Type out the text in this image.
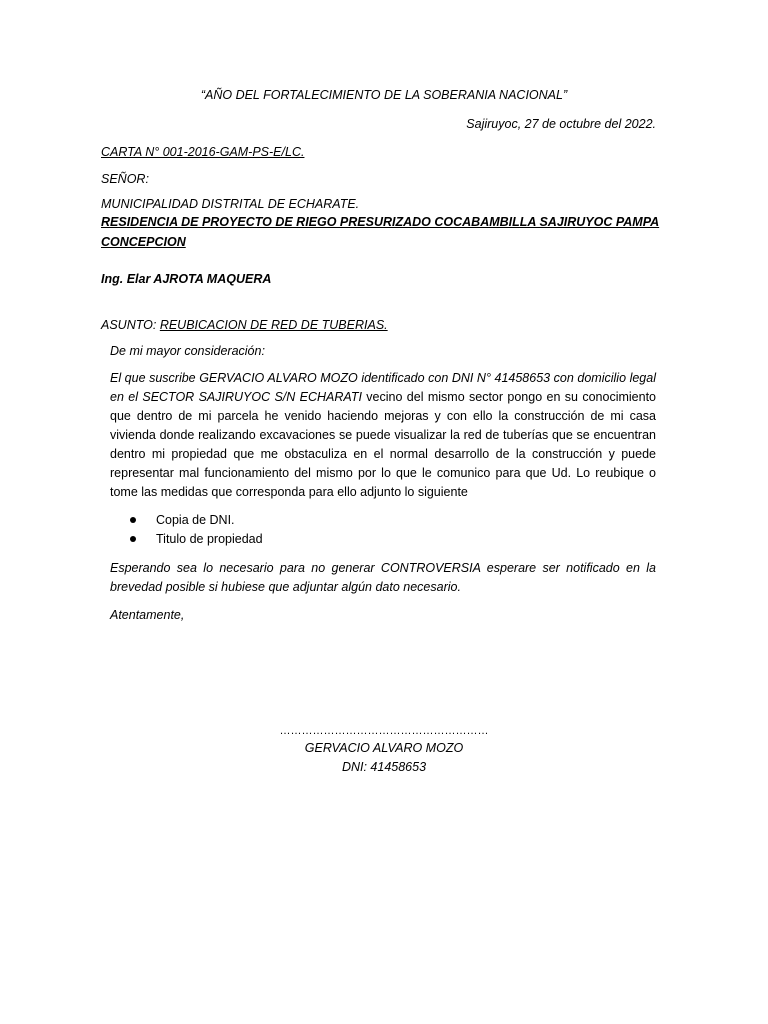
“AÑO DEL FORTALECIMIENTO DE LA SOBERANIA NACIONAL”
Sajiruyoc, 27 de octubre del 2022.
CARTA N° 001-2016-GAM-PS-E/LC.
SEÑOR:
MUNICIPALIDAD DISTRITAL DE ECHARATE.
RESIDENCIA DE PROYECTO DE RIEGO PRESURIZADO COCABAMBILLA SAJIRUYOC PAMPA
CONCEPCION
Ing. Elar AJROTA MAQUERA
ASUNTO: REUBICACION DE RED DE TUBERIAS.
De mi mayor consideración:
El que suscribe GERVACIO ALVARO MOZO identificado con DNI N° 41458653 con domicilio legal en el SECTOR SAJIRUYOC S/N ECHARATI vecino del mismo sector pongo en su conocimiento que dentro de mi parcela he venido haciendo mejoras y con ello la construcción de mi casa vivienda donde realizando excavaciones se puede visualizar la red de tuberías que se encuentran dentro mi propiedad que me obstaculiza en el normal desarrollo de la construcción y puede representar mal funcionamiento del mismo por lo que le comunico para que Ud. Lo reubique o tome las medidas que corresponda para ello adjunto lo siguiente
Copia de DNI.
Titulo de propiedad
Esperando sea lo necesario para no generar CONTROVERSIA esperare ser notificado en la brevedad posible si hubiese que adjuntar algún dato necesario.
Atentamente,
…………………………………………………
GERVACIO ALVARO MOZO
DNI: 41458653
